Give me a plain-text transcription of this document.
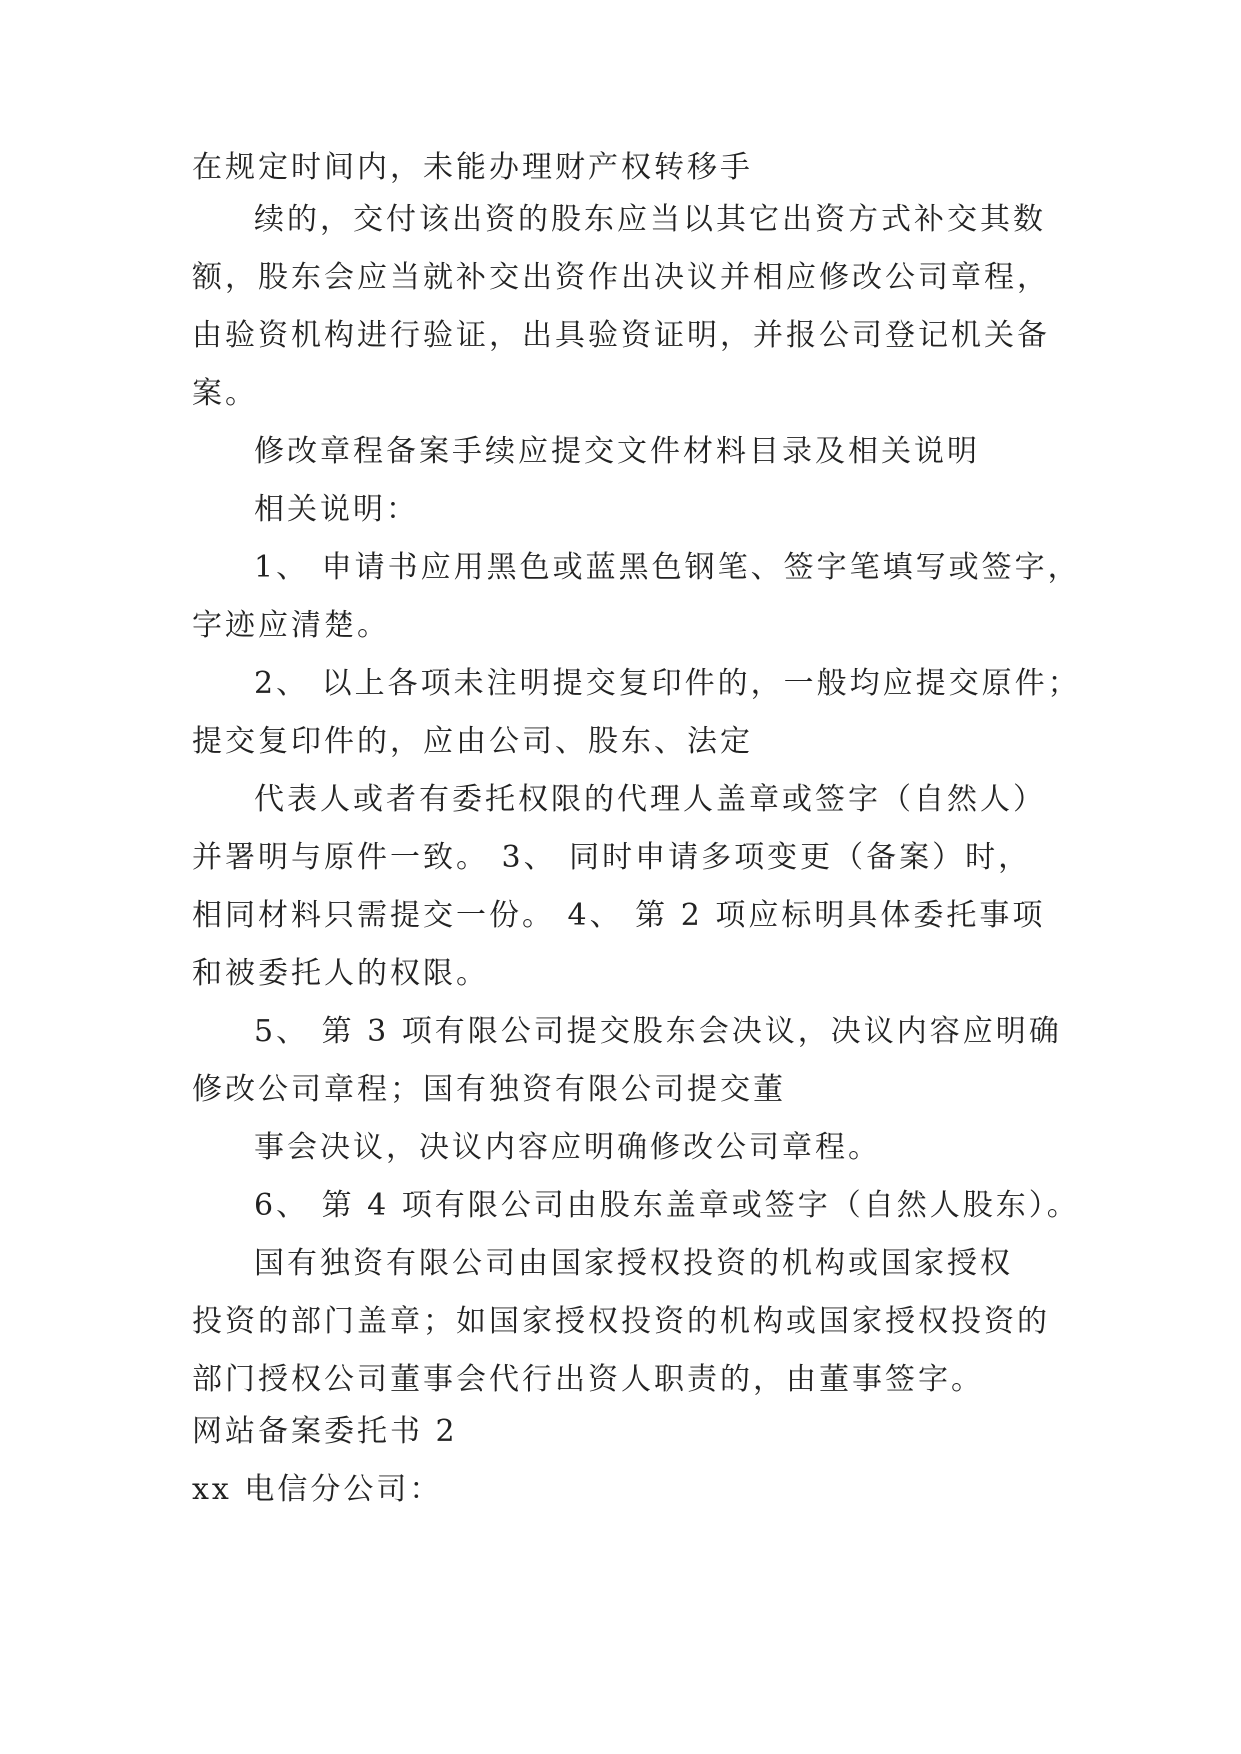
在规定时间内，未能办理财产权转移手
续的，交付该出资的股东应当以其它出资方式补交其数
额，股东会应当就补交出资作出决议并相应修改公司章程，
由验资机构进行验证，出具验资证明，并报公司登记机关备
案。
修改章程备案手续应提交文件材料目录及相关说明
相关说明：
1、 申请书应用黑色或蓝黑色钢笔、签字笔填写或签字，
字迹应清楚。
2、 以上各项未注明提交复印件的，一般均应提交原件；
提交复印件的，应由公司、股东、法定
代表人或者有委托权限的代理人盖章或签字（自然人）
并署明与原件一致。 3、 同时申请多项变更（备案）时，
相同材料只需提交一份。 4、 第 2 项应标明具体委托事项
和被委托人的权限。
5、 第 3 项有限公司提交股东会决议，决议内容应明确
修改公司章程；国有独资有限公司提交董
事会决议，决议内容应明确修改公司章程。
6、 第 4 项有限公司由股东盖章或签字（自然人股东）。
国有独资有限公司由国家授权投资的机构或国家授权
投资的部门盖章；如国家授权投资的机构或国家授权投资的
部门授权公司董事会代行出资人职责的，由董事签字。
网站备案委托书 2
xx 电信分公司：
